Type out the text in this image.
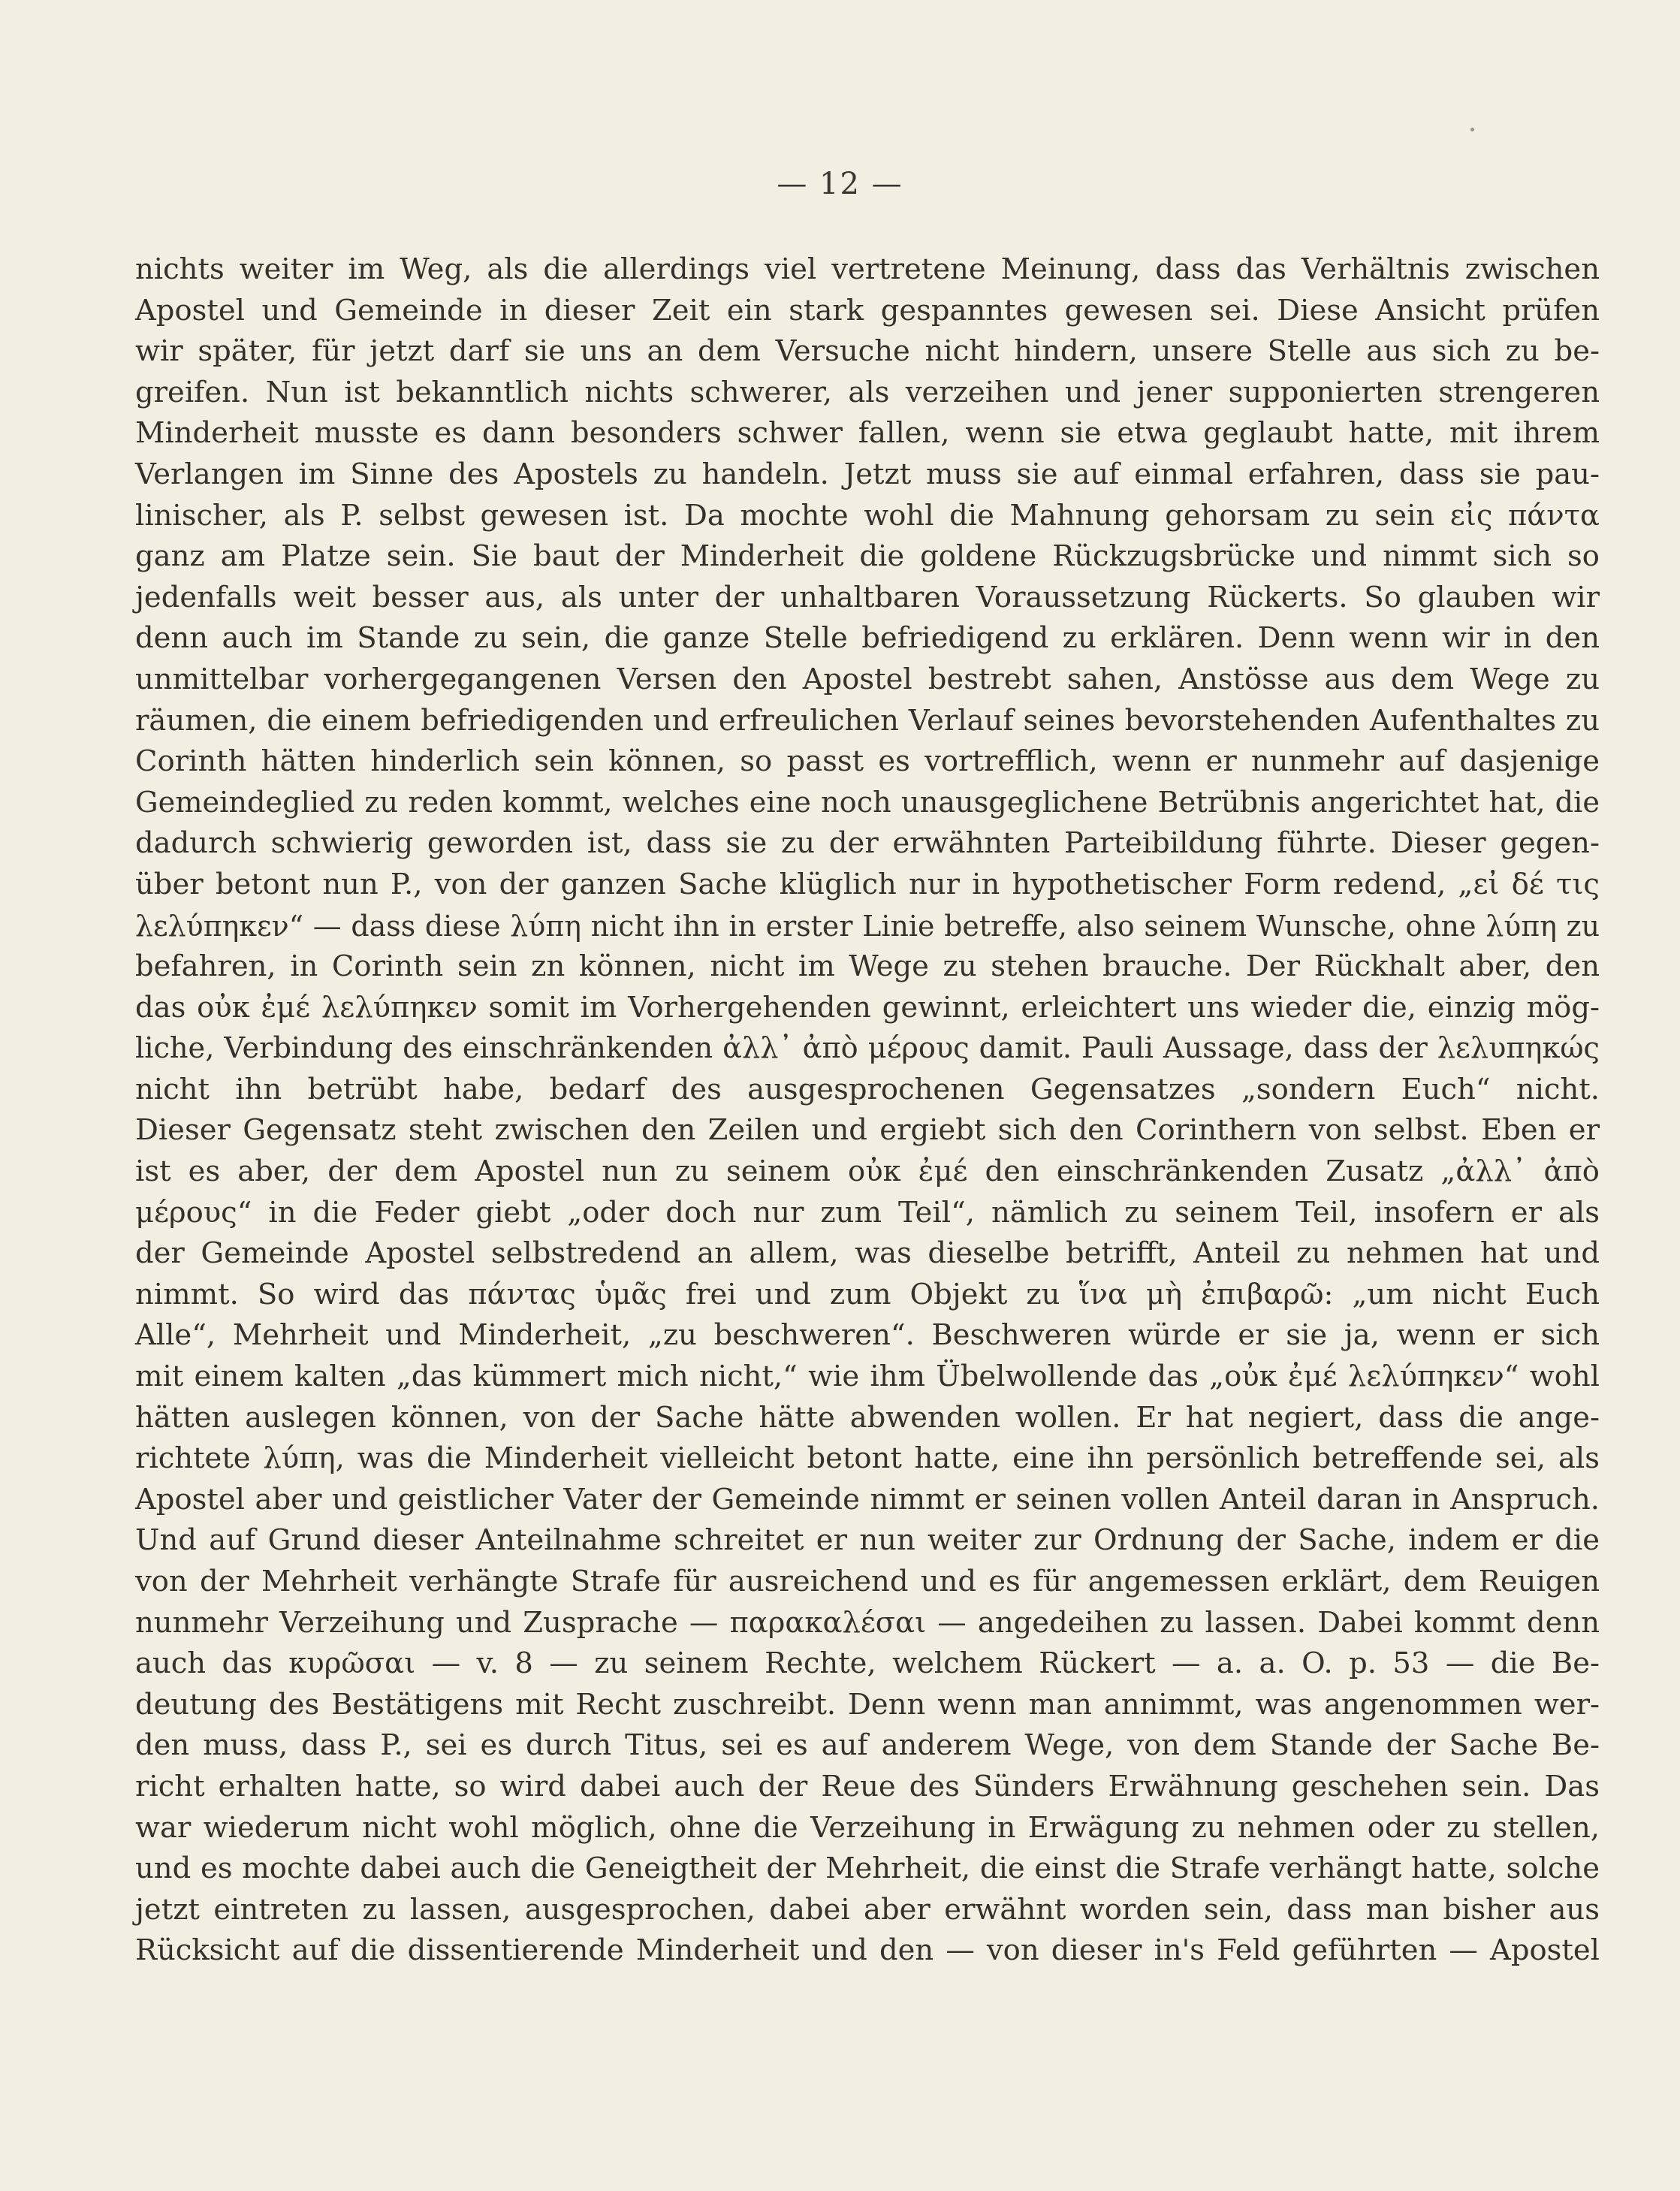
— 12 —
nichts weiter im Weg, als die allerdings viel vertretene Meinung, dass das Verhältnis zwischen
Apostel und Gemeinde in dieser Zeit ein stark gespanntes gewesen sei. Diese Ansicht prüfen
wir später, für jetzt darf sie uns an dem Versuche nicht hindern, unsere Stelle aus sich zu be-
greifen. Nun ist bekanntlich nichts schwerer, als verzeihen und jener supponierten strengeren
Minderheit musste es dann besonders schwer fallen, wenn sie etwa geglaubt hatte, mit ihrem
Verlangen im Sinne des Apostels zu handeln. Jetzt muss sie auf einmal erfahren, dass sie pau-
linischer, als P. selbst gewesen ist. Da mochte wohl die Mahnung gehorsam zu sein εἰς πάντα
ganz am Platze sein. Sie baut der Minderheit die goldene Rückzugsbrücke und nimmt sich so
jedenfalls weit besser aus, als unter der unhaltbaren Voraussetzung Rückerts. So glauben wir
denn auch im Stande zu sein, die ganze Stelle befriedigend zu erklären. Denn wenn wir in den
unmittelbar vorhergegangenen Versen den Apostel bestrebt sahen, Anstösse aus dem Wege zu
räumen, die einem befriedigenden und erfreulichen Verlauf seines bevorstehenden Aufenthaltes zu
Corinth hätten hinderlich sein können, so passt es vortrefflich, wenn er nunmehr auf dasjenige
Gemeindeglied zu reden kommt, welches eine noch unausgeglichene Betrübnis angerichtet hat, die
dadurch schwierig geworden ist, dass sie zu der erwähnten Parteibildung führte. Dieser gegen-
über betont nun P., von der ganzen Sache klüglich nur in hypothetischer Form redend, „εἰ δέ τις
λελύπηκεν“ — dass diese λύπη nicht ihn in erster Linie betreffe, also seinem Wunsche, ohne λύπη zu
befahren, in Corinth sein zn können, nicht im Wege zu stehen brauche. Der Rückhalt aber, den
das οὐκ ἐμέ λελύπηκεν somit im Vorhergehenden gewinnt, erleichtert uns wieder die, einzig mög-
liche, Verbindung des einschränkenden ἀλλ᾽ ἀπὸ μέρους damit. Pauli Aussage, dass der λελυπηκώς
nicht ihn betrübt habe, bedarf des ausgesprochenen Gegensatzes „sondern Euch“ nicht.
Dieser Gegensatz steht zwischen den Zeilen und ergiebt sich den Corinthern von selbst. Eben er
ist es aber, der dem Apostel nun zu seinem οὐκ ἐμέ den einschränkenden Zusatz „ἀλλ᾽ ἀπὸ
μέρους“ in die Feder giebt „oder doch nur zum Teil“, nämlich zu seinem Teil, insofern er als
der Gemeinde Apostel selbstredend an allem, was dieselbe betrifft, Anteil zu nehmen hat und
nimmt. So wird das πάντας ὑμᾶς frei und zum Objekt zu ἵνα μὴ ἐπιβαρῶ: „um nicht Euch
Alle“, Mehrheit und Minderheit, „zu beschweren“. Beschweren würde er sie ja, wenn er sich
mit einem kalten „das kümmert mich nicht,“ wie ihm Übelwollende das „οὐκ ἐμέ λελύπηκεν“ wohl
hätten auslegen können, von der Sache hätte abwenden wollen. Er hat negiert, dass die ange-
richtete λύπη, was die Minderheit vielleicht betont hatte, eine ihn persönlich betreffende sei, als
Apostel aber und geistlicher Vater der Gemeinde nimmt er seinen vollen Anteil daran in Anspruch.
Und auf Grund dieser Anteilnahme schreitet er nun weiter zur Ordnung der Sache, indem er die
von der Mehrheit verhängte Strafe für ausreichend und es für angemessen erklärt, dem Reuigen
nunmehr Verzeihung und Zusprache — παρακαλέσαι — angedeihen zu lassen. Dabei kommt denn
auch das κυρῶσαι — v. 8 — zu seinem Rechte, welchem Rückert — a. a. O. p. 53 — die Be-
deutung des Bestätigens mit Recht zuschreibt. Denn wenn man annimmt, was angenommen wer-
den muss, dass P., sei es durch Titus, sei es auf anderem Wege, von dem Stande der Sache Be-
richt erhalten hatte, so wird dabei auch der Reue des Sünders Erwähnung geschehen sein. Das
war wiederum nicht wohl möglich, ohne die Verzeihung in Erwägung zu nehmen oder zu stellen,
und es mochte dabei auch die Geneigtheit der Mehrheit, die einst die Strafe verhängt hatte, solche
jetzt eintreten zu lassen, ausgesprochen, dabei aber erwähnt worden sein, dass man bisher aus
Rücksicht auf die dissentierende Minderheit und den — von dieser in's Feld geführten — Apostel
